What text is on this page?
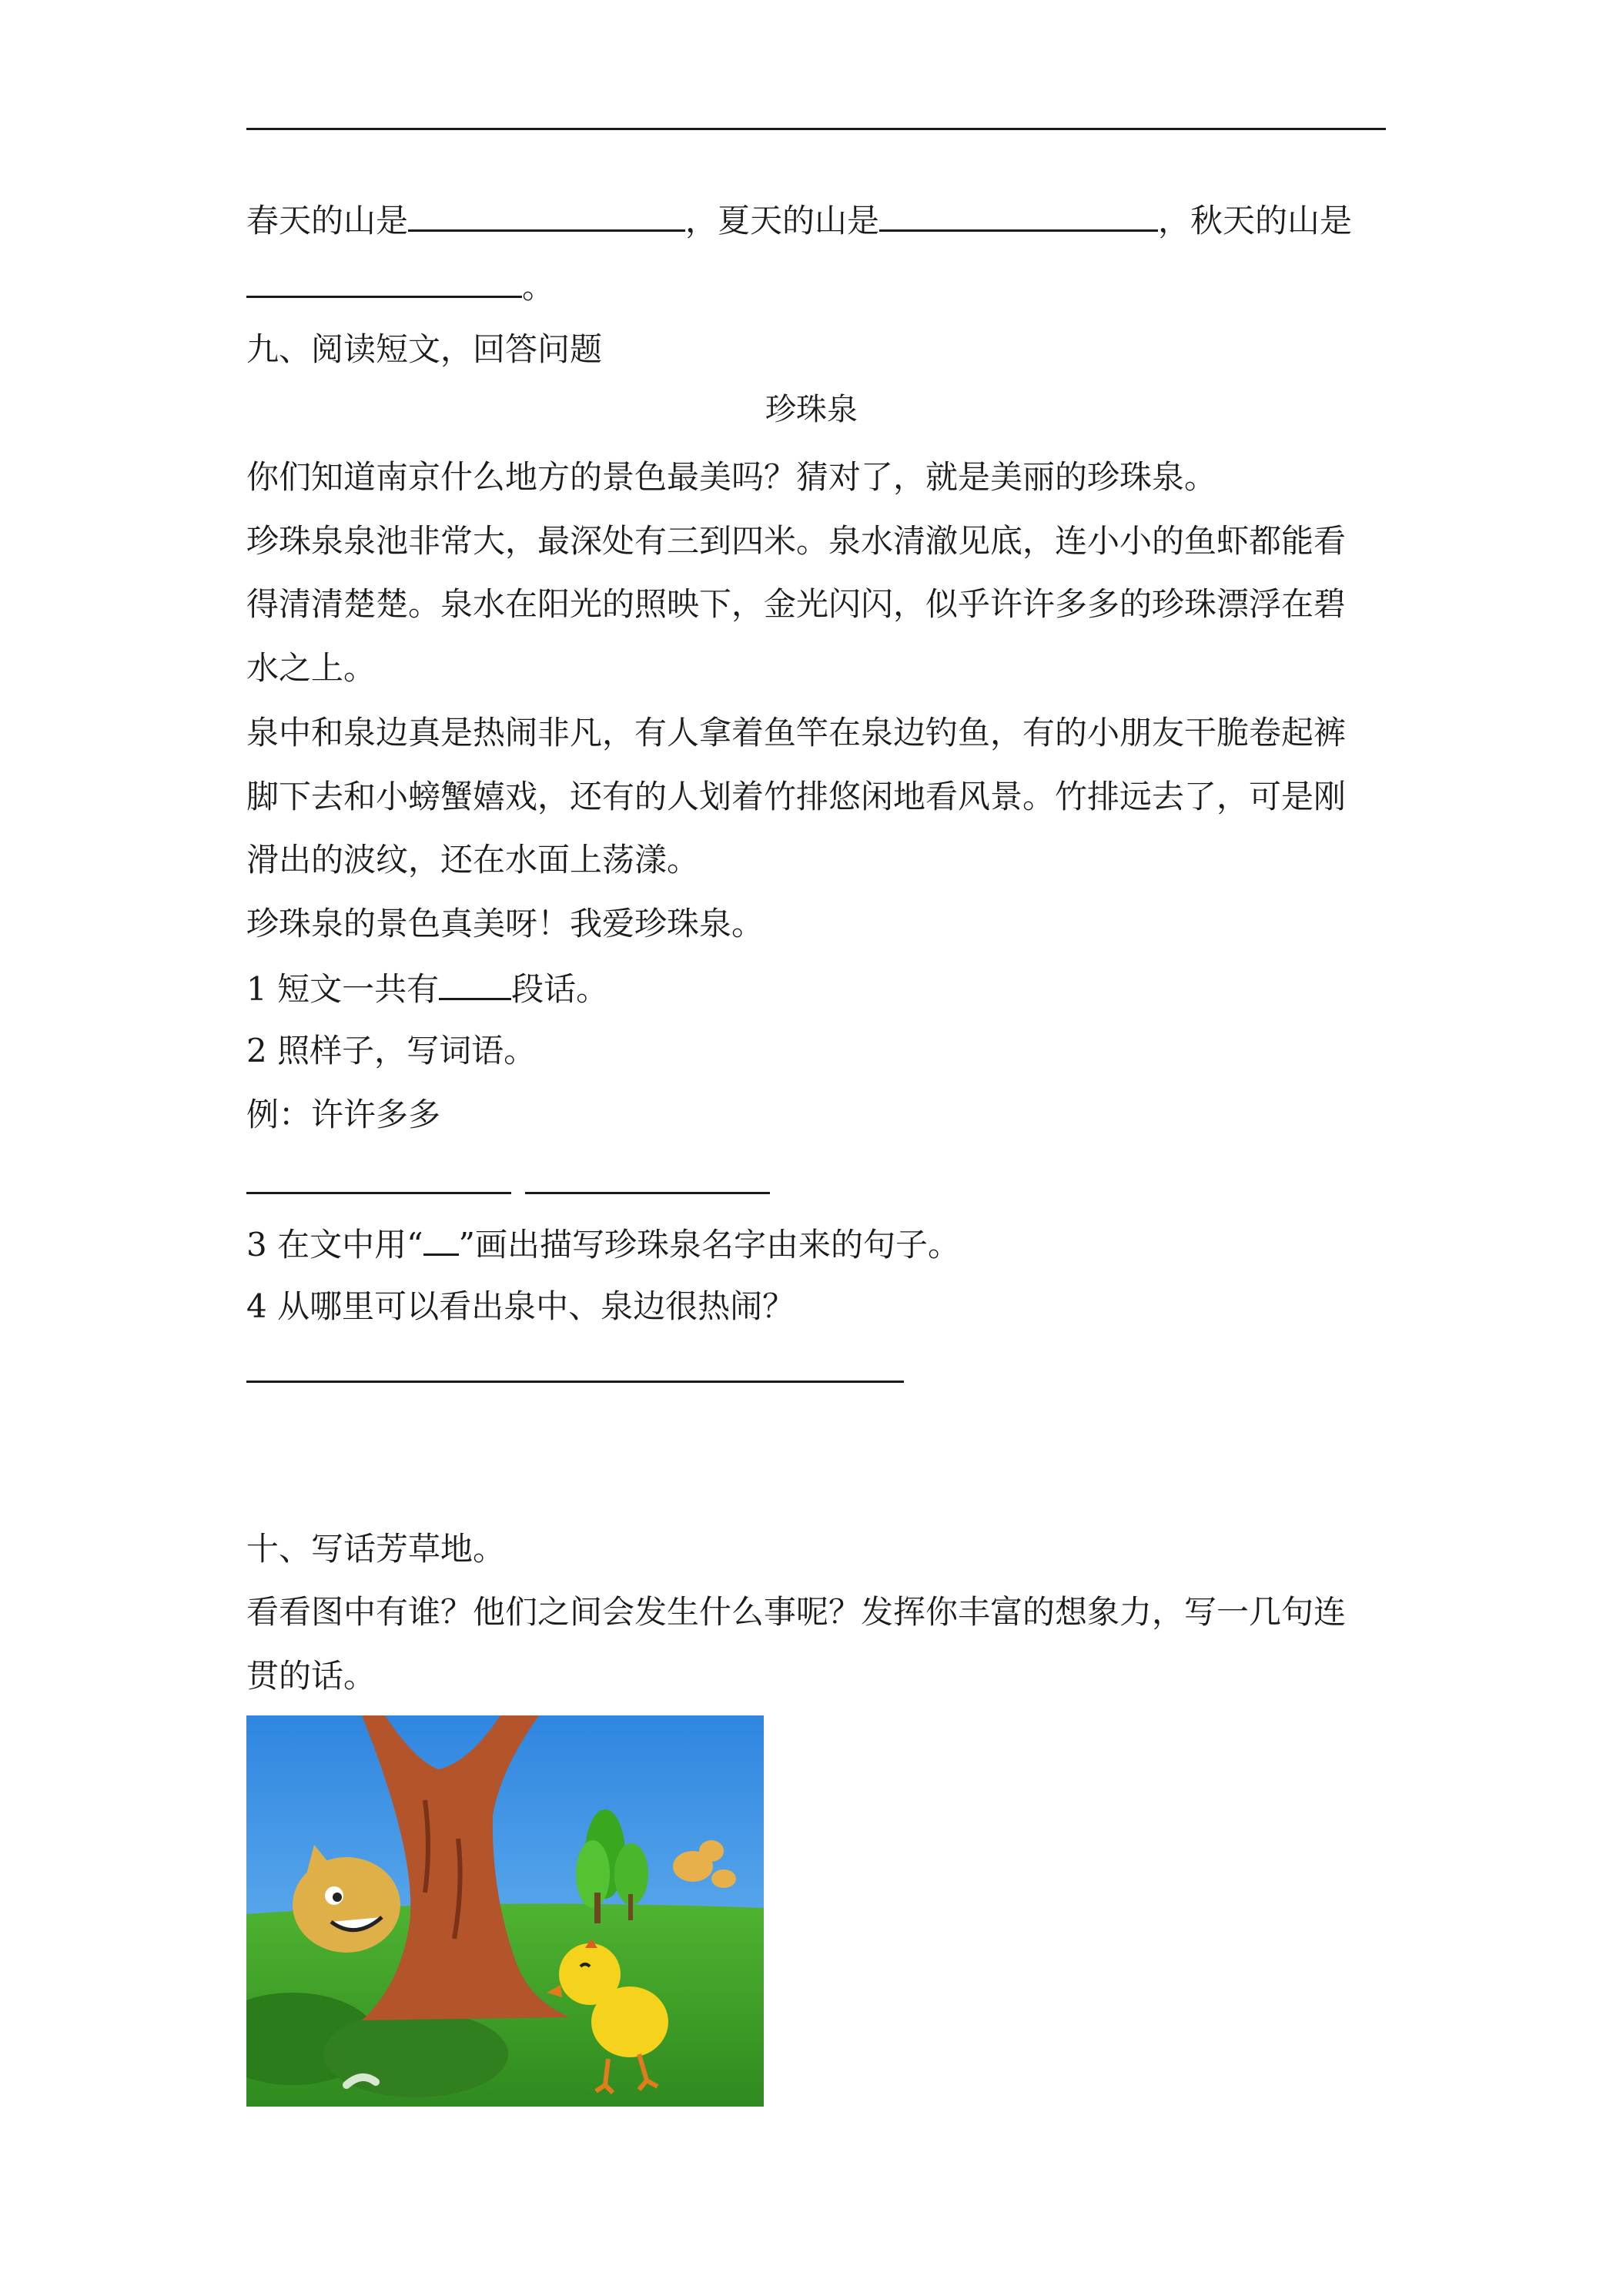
春天的山是	，夏天的山是	，秋天的山是
。
九、阅读短文，回答问题
珍珠泉
你们知道南京什么地方的景色最美吗？猜对了，就是美丽的珍珠泉。
珍珠泉泉池非常大，最深处有三到四米。泉水清澈见底，连小小的鱼虾都能看
得清清楚楚。泉水在阳光的照映下，金光闪闪，似乎许许多多的珍珠漂浮在碧
水之上。
泉中和泉边真是热闹非凡，有人拿着鱼竿在泉边钓鱼，有的小朋友干脆卷起裤
脚下去和小螃蟹嬉戏，还有的人划着竹排悠闲地看风景。竹排远去了，可是刚
滑出的波纹，还在水面上荡漾。
珍珠泉的景色真美呀！我爱珍珠泉。
1 短文一共有 段话。
2 照样子，写词语。
例：许许多多
3 在文中用“ ”画出描写珍珠泉名字由来的句子。
4 从哪里可以看出泉中、泉边很热闹？
十、写话芳草地。
看看图中有谁？他们之间会发生什么事呢？发挥你丰富的想象力，写一几句连
贯的话。
